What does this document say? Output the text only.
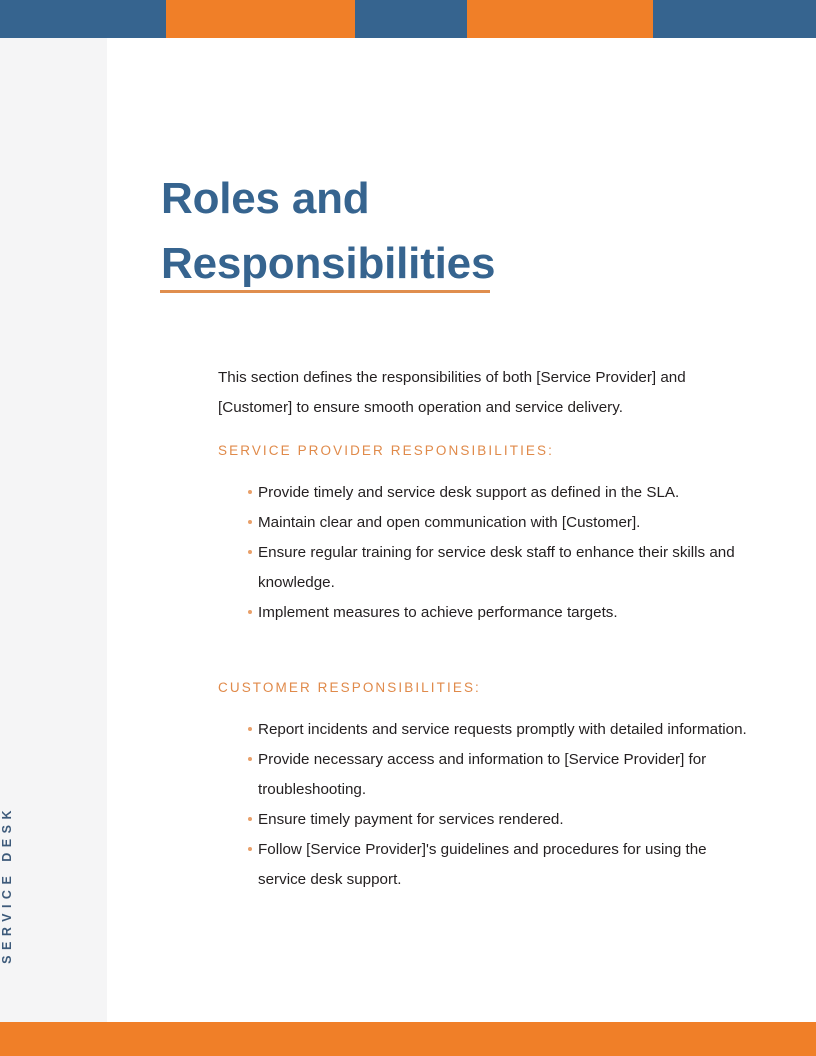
SERVICE DESK
Roles and
Responsibilities

This section defines the responsibilities of both [Service Provider] and [Customer] to ensure smooth operation and service delivery.

SERVICE PROVIDER RESPONSIBILITIES:
Provide timely and service desk support as defined in the SLA.
Maintain clear and open communication with [Customer].
Ensure regular training for service desk staff to enhance their skills and knowledge.
Implement measures to achieve performance targets.
CUSTOMER RESPONSIBILITIES:
Report incidents and service requests promptly with detailed information.
Provide necessary access and information to [Service Provider] for troubleshooting.
Ensure timely payment for services rendered.
Follow [Service Provider]'s guidelines and procedures for using the service desk support.
